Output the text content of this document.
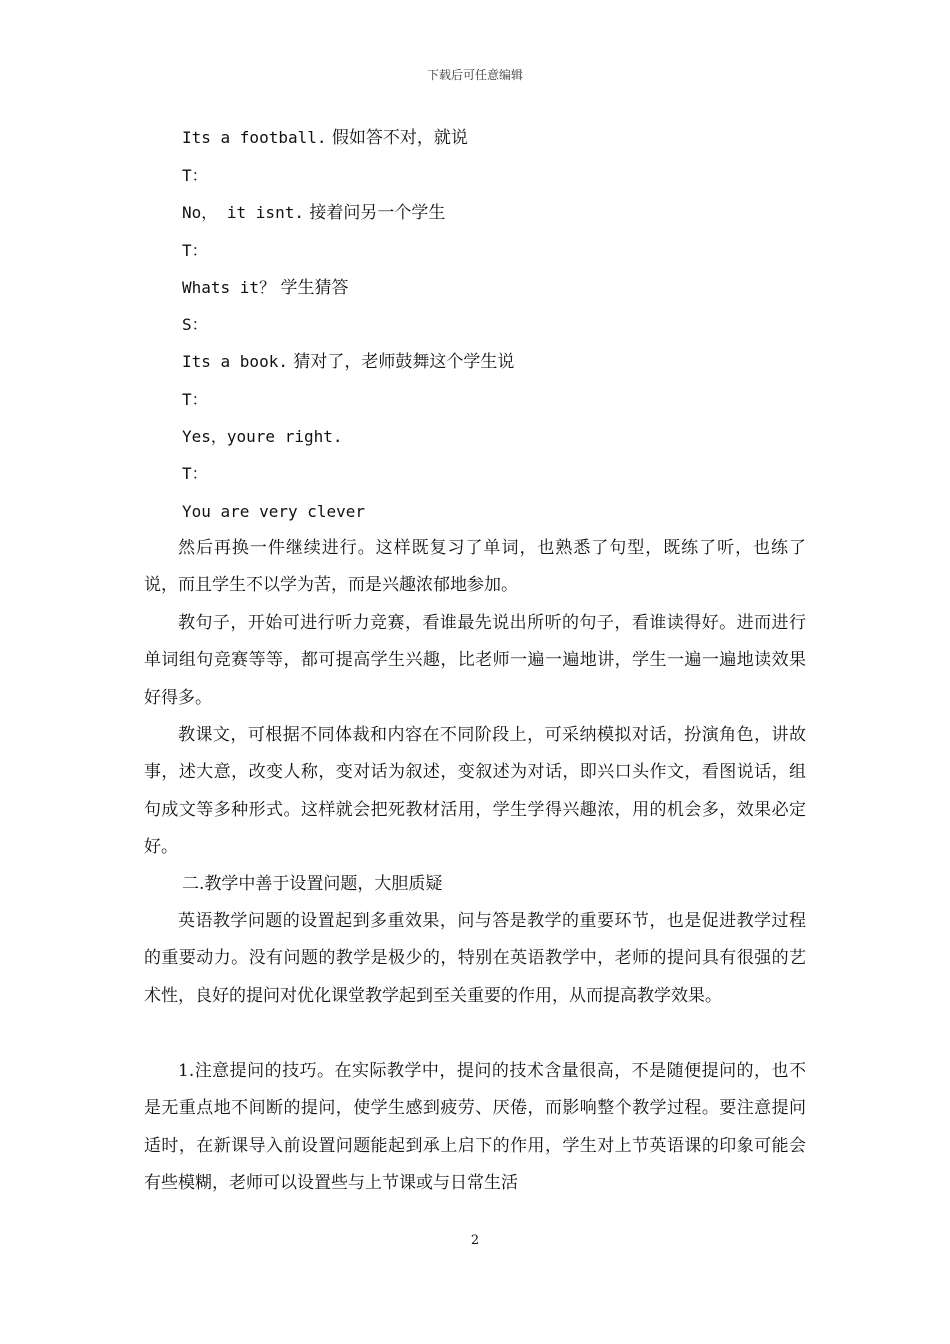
下载后可任意编辑
Its a football. 假如答不对，就说
T：
No， it isnt. 接着问另一个学生
T：
Whats it？ 学生猜答
S：
Its a book. 猜对了，老师鼓舞这个学生说
T：
Yes，youre right.
T：
You are very clever
然后再换一件继续进行。这样既复习了单词，也熟悉了句型，既练了听，也练了说，而且学生不以学为苦，而是兴趣浓郁地参加。
教句子，开始可进行听力竞赛，看谁最先说出所听的句子，看谁读得好。进而进行单词组句竞赛等等，都可提高学生兴趣，比老师一遍一遍地讲，学生一遍一遍地读效果好得多。
教课文，可根据不同体裁和内容在不同阶段上，可采纳模拟对话，扮演角色，讲故事，述大意，改变人称，变对话为叙述，变叙述为对话，即兴口头作文，看图说话，组句成文等多种形式。这样就会把死教材活用，学生学得兴趣浓，用的机会多，效果必定好。
二.教学中善于设置问题，大胆质疑
英语教学问题的设置起到多重效果，问与答是教学的重要环节，也是促进教学过程的重要动力。没有问题的教学是极少的，特别在英语教学中，老师的提问具有很强的艺术性，良好的提问对优化课堂教学起到至关重要的作用，从而提高教学效果。
1.注意提问的技巧。在实际教学中，提问的技术含量很高，不是随便提问的，也不是无重点地不间断的提问，使学生感到疲劳、厌倦，而影响整个教学过程。要注意提问适时，在新课导入前设置问题能起到承上启下的作用，学生对上节英语课的印象可能会有些模糊，老师可以设置些与上节课或与日常生活
2
